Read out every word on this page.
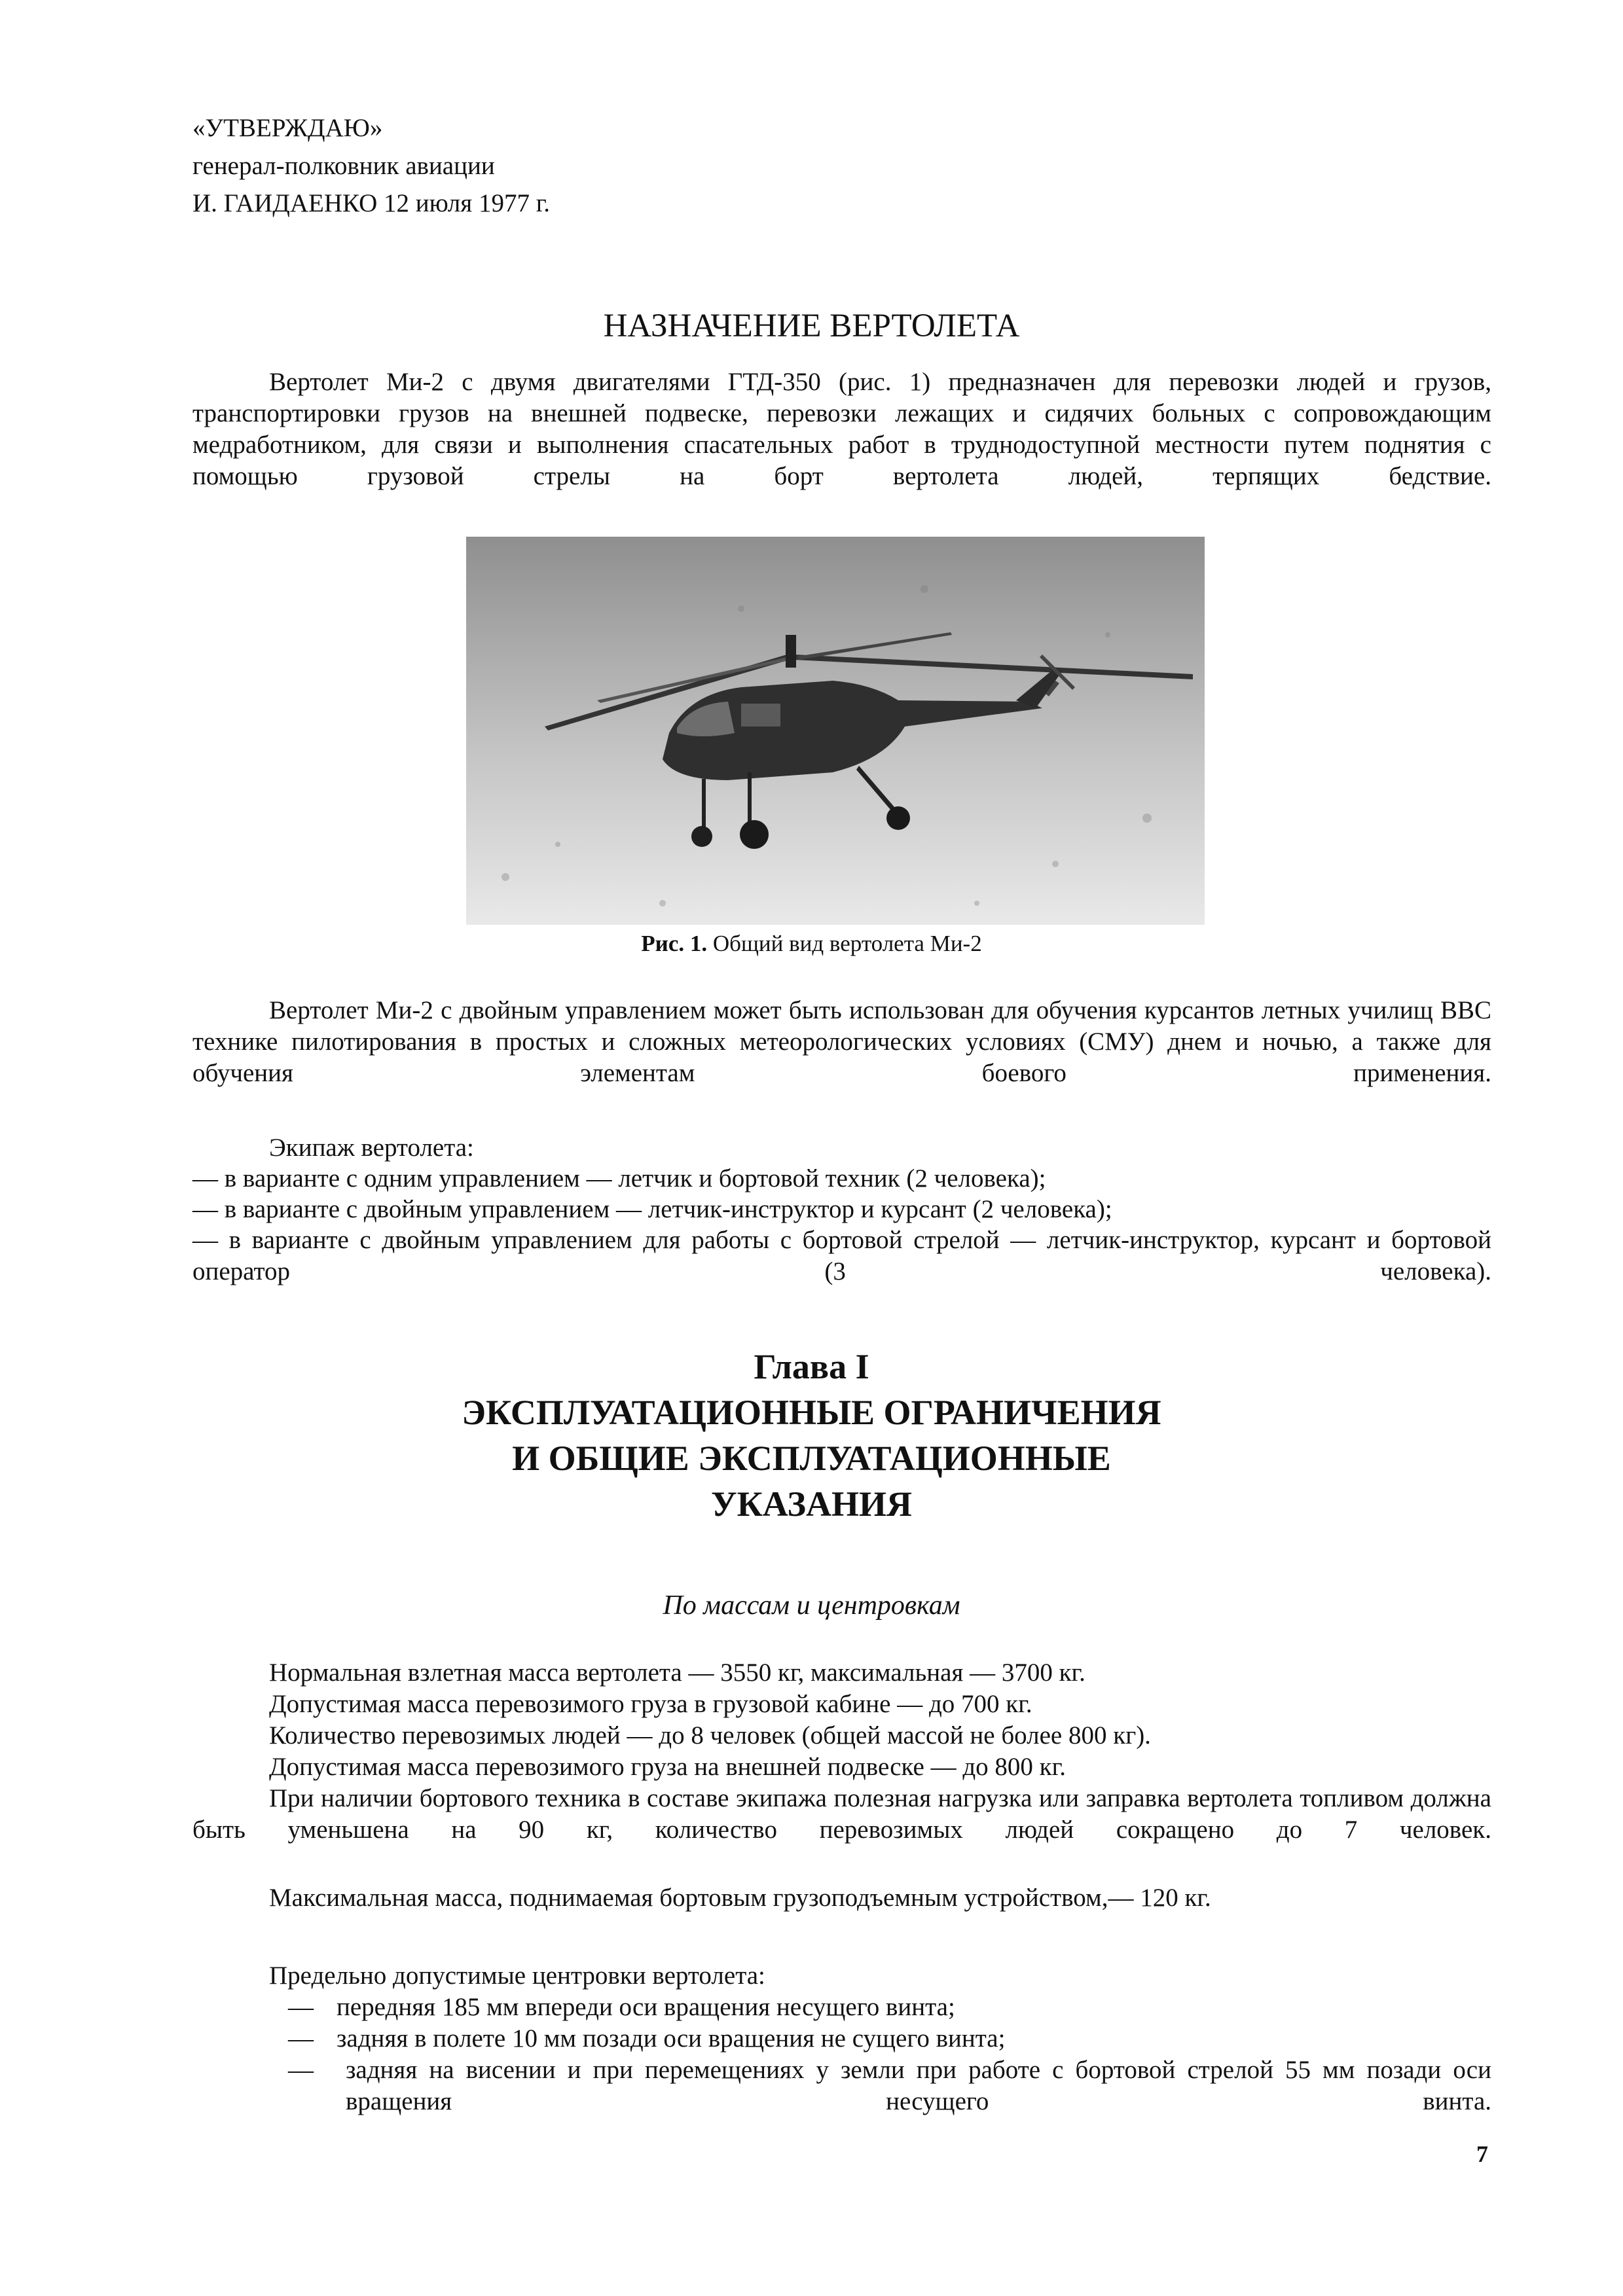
«УТВЕРЖДАЮ»
генерал-полковник авиации
И. ГАИДАЕНКО 12 июля 1977 г.
НАЗНАЧЕНИЕ ВЕРТОЛЕТА
Вертолет Ми-2 с двумя двигателями ГТД-350 (рис. 1) предназначен для перевозки людей и грузов, транспортировки грузов на внешней подвеске, перевозки лежащих и сидячих больных с сопровождающим медработником, для связи и выполнения спасательных работ в труднодоступной местности путем поднятия с помощью грузовой стрелы на борт вертолета людей, терпящих бедствие.
Рис. 1. Общий вид вертолета Ми-2
Вертолет Ми-2 с двойным управлением может быть использован для обучения курсантов летных училищ ВВС технике пилотирования в простых и сложных метеорологических условиях (СМУ) днем и ночью, а также для обучения элементам боевого применения.
Экипаж вертолета:
— в варианте с одним управлением — летчик и бортовой техник (2 человека);
— в варианте с двойным управлением — летчик-инструктор и курсант (2 человека);
— в варианте с двойным управлением для работы с бортовой стрелой — летчик-инструктор, курсант и бортовой оператор (3 человека).
Глава I
ЭКСПЛУАТАЦИОННЫЕ ОГРАНИЧЕНИЯ
И ОБЩИЕ ЭКСПЛУАТАЦИОННЫЕ
УКАЗАНИЯ
По массам и центровкам
Нормальная взлетная масса вертолета — 3550 кг, максимальная — 3700 кг.
Допустимая масса перевозимого груза в грузовой кабине — до 700 кг.
Количество перевозимых людей — до 8 человек (общей массой не более 800 кг).
Допустимая масса перевозимого груза на внешней подвеске — до 800 кг.
При наличии бортового техника в составе экипажа полезная нагрузка или заправка вертолета топливом должна быть уменьшена на 90 кг, количество перевозимых людей сокращено до 7 человек.
Максимальная масса, поднимаемая бортовым грузоподъемным устройством,— 120 кг.
Предельно допустимые центровки вертолета:
— передняя 185 мм впереди оси вращения несущего винта;
— задняя в полете 10 мм позади оси вращения не сущего винта;
— задняя на висении и при перемещениях у земли при работе с бортовой стрелой 55 мм позади оси вращения несущего винта.
7
